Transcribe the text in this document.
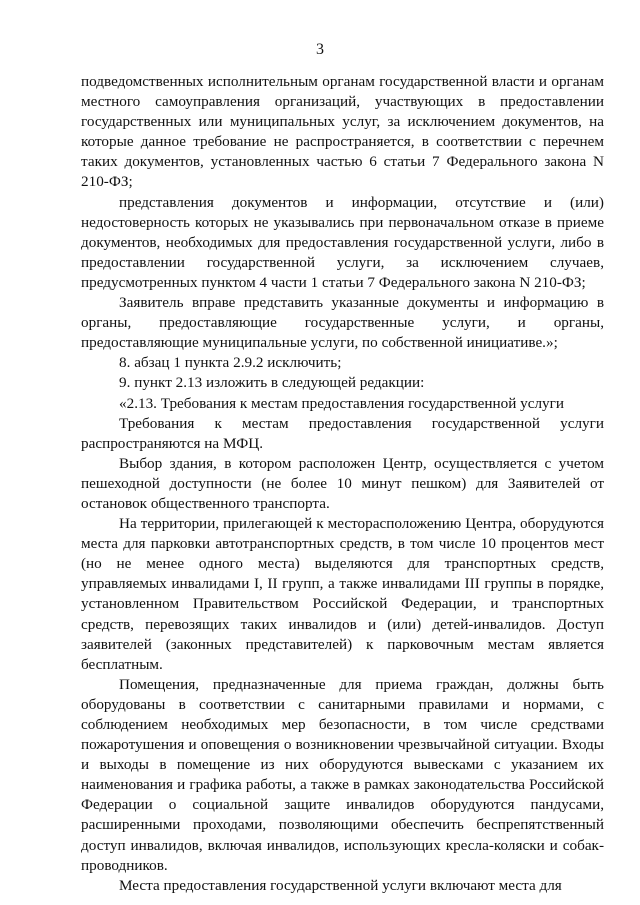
3

подведомственных исполнительным органам государственной власти и органам местного самоуправления организаций, участвующих в предоставлении государственных или муниципальных услуг, за исключением документов, на которые данное требование не распространяется, в соответствии с перечнем таких документов, установленных частью 6 статьи 7 Федерального закона N 210-ФЗ;

представления документов и информации, отсутствие и (или) недостоверность которых не указывались при первоначальном отказе в приеме документов, необходимых для предоставления государственной услуги, либо в предоставлении государственной услуги, за исключением случаев, предусмотренных пунктом 4 части 1 статьи 7 Федерального закона N 210-ФЗ;

Заявитель вправе представить указанные документы и информацию в органы, предоставляющие государственные услуги, и органы, предоставляющие муниципальные услуги, по собственной инициативе.»;

8. абзац 1 пункта 2.9.2 исключить;

9. пункт 2.13 изложить в следующей редакции:

«2.13. Требования к местам предоставления государственной услуги

Требования к местам предоставления государственной услуги распространяются на МФЦ.

Выбор здания, в котором расположен Центр, осуществляется с учетом пешеходной доступности (не более 10 минут пешком) для Заявителей от остановок общественного транспорта.

На территории, прилегающей к месторасположению Центра, оборудуются места для парковки автотранспортных средств, в том числе 10 процентов мест (но не менее одного места) выделяются для транспортных средств, управляемых инвалидами I, II групп, а также инвалидами III группы в порядке, установленном Правительством Российской Федерации, и транспортных средств, перевозящих таких инвалидов и (или) детей-инвалидов. Доступ заявителей (законных представителей) к парковочным местам является бесплатным.

Помещения, предназначенные для приема граждан, должны быть оборудованы в соответствии с санитарными правилами и нормами, с соблюдением необходимых мер безопасности, в том числе средствами пожаротушения и оповещения о возникновении чрезвычайной ситуации. Входы и выходы в помещение из них оборудуются вывесками с указанием их наименования и графика работы, а также в рамках законодательства Российской Федерации о социальной защите инвалидов оборудуются пандусами, расширенными проходами, позволяющими обеспечить беспрепятственный доступ инвалидов, включая инвалидов, использующих кресла-коляски и собак-проводников.

Места предоставления государственной услуги включают места для
